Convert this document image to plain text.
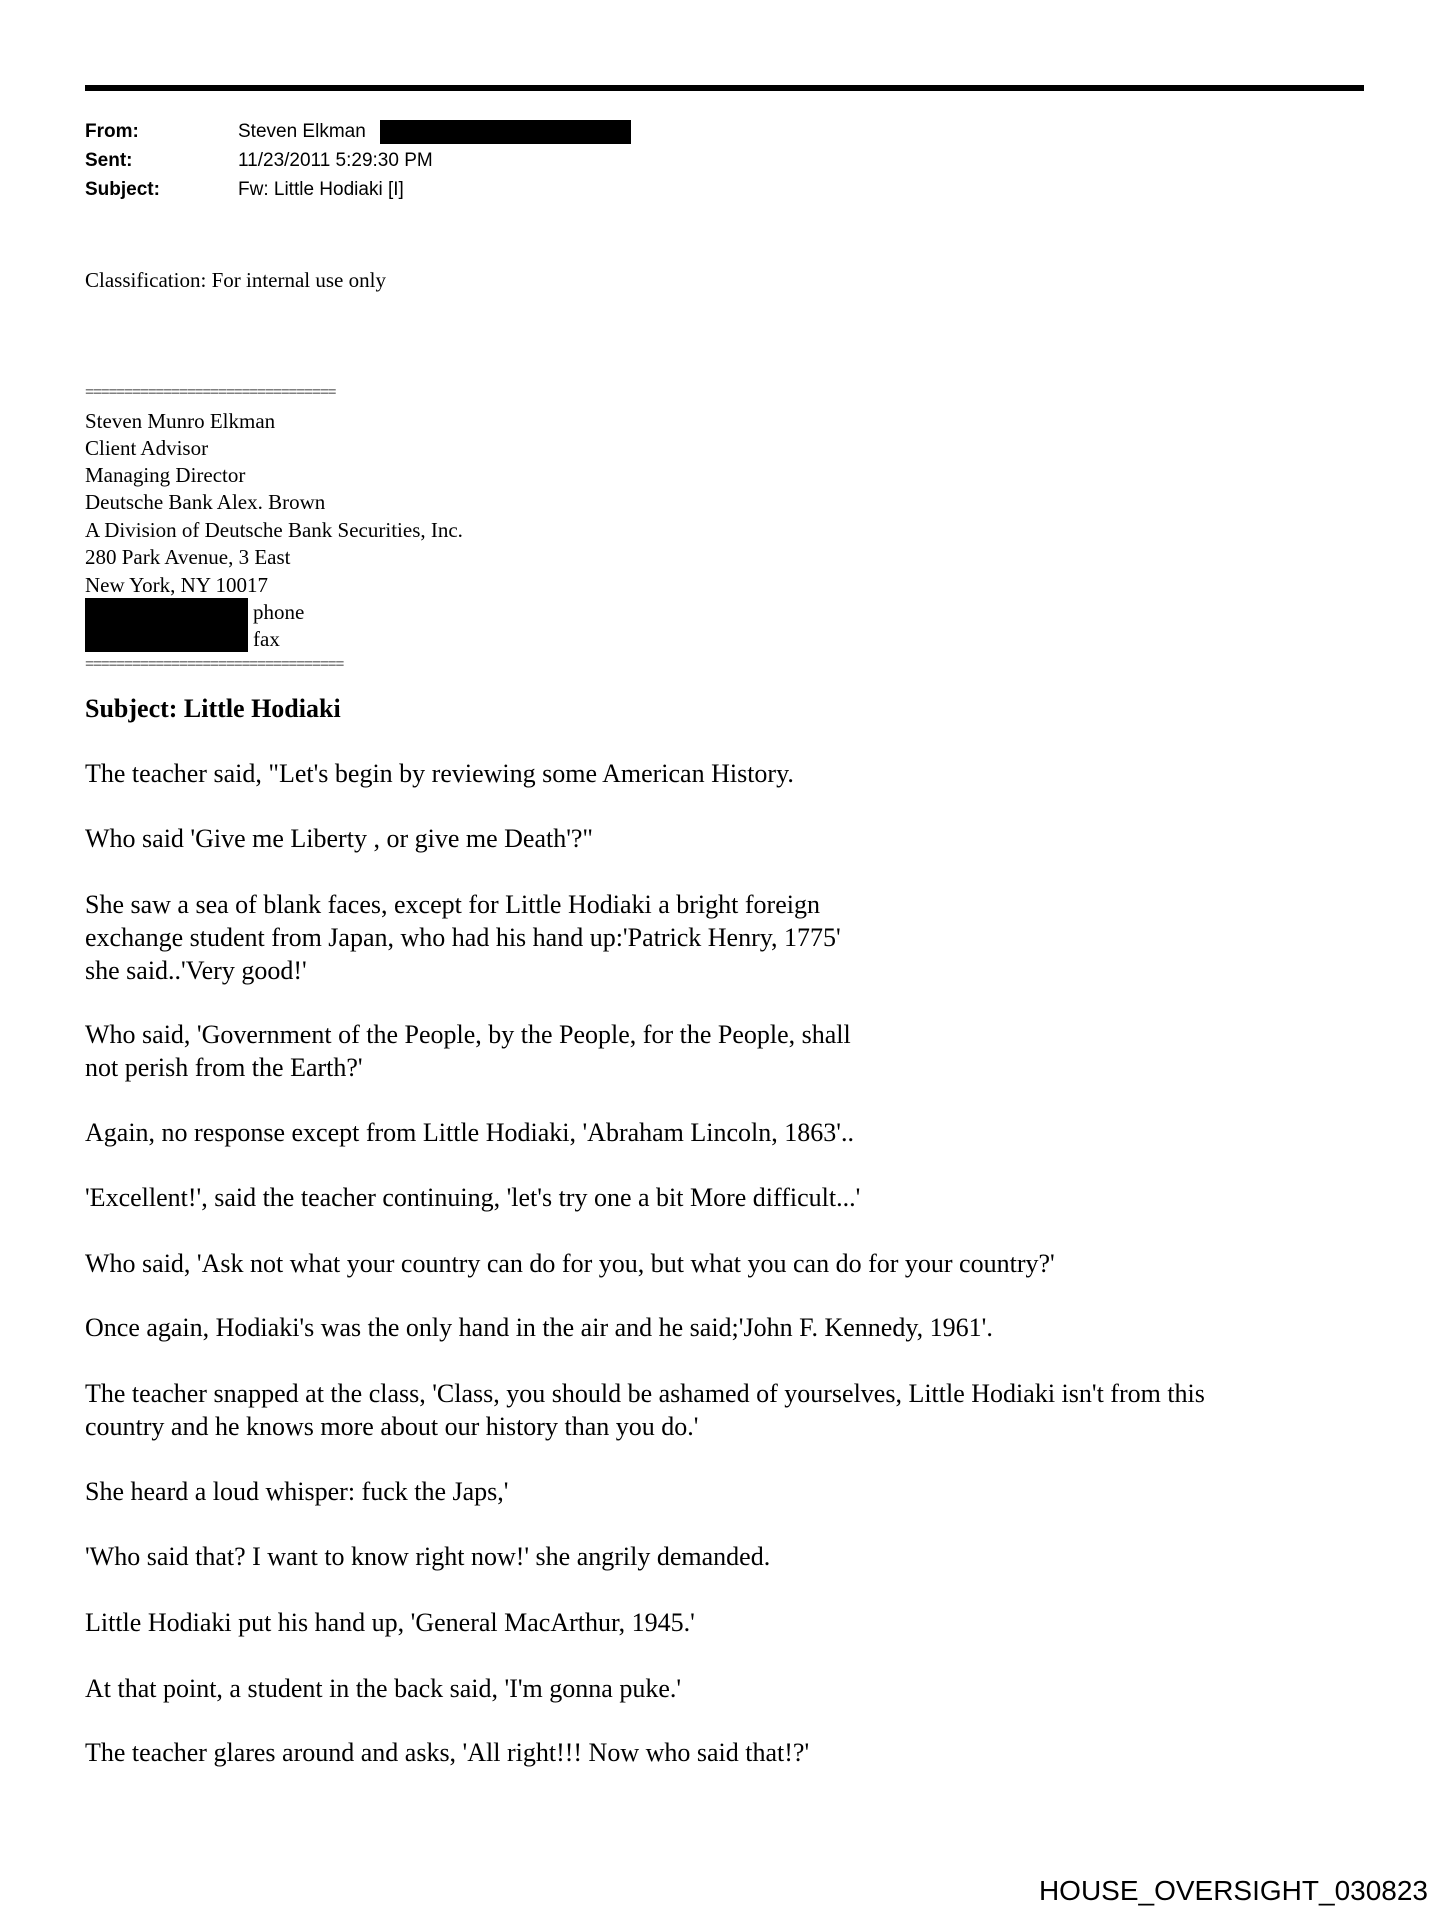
From:	Steven Elkman
Sent:	11/23/2011 5:29:30 PM
Subject:	Fw: Little Hodiaki [I]
Classification: For internal use only
================================
Steven Munro Elkman
Client Advisor
Managing Director
Deutsche Bank Alex. Brown
A Division of Deutsche Bank Securities, Inc.
280 Park Avenue, 3 East
New York, NY 10017
phone
fax
=================================
Subject: Little Hodiaki
The teacher said, "Let's begin by reviewing some American History.
Who said 'Give me Liberty , or give me Death'?"
She saw a sea of blank faces, except for Little Hodiaki a bright foreign
exchange student from Japan, who had his hand up:'Patrick Henry, 1775'
she said..'Very good!'
Who said, 'Government of the People, by the People, for the People, shall
not perish from the Earth?'
Again, no response except from Little Hodiaki, 'Abraham Lincoln, 1863'..
'Excellent!', said the teacher continuing, 'let's try one a bit More difficult...'
Who said, 'Ask not what your country can do for you, but what you can do for your country?'
Once again, Hodiaki's was the only hand in the air and he said;'John F. Kennedy, 1961'.
The teacher snapped at the class, 'Class, you should be ashamed of yourselves, Little Hodiaki isn't from this
country and he knows more about our history than you do.'
She heard a loud whisper: fuck the Japs,'
'Who said that? I want to know right now!' she angrily demanded.
Little Hodiaki put his hand up, 'General MacArthur, 1945.'
At that point, a student in the back said, 'I'm gonna puke.'
The teacher glares around and asks, 'All right!!! Now who said that!?'
HOUSE_OVERSIGHT_030823
